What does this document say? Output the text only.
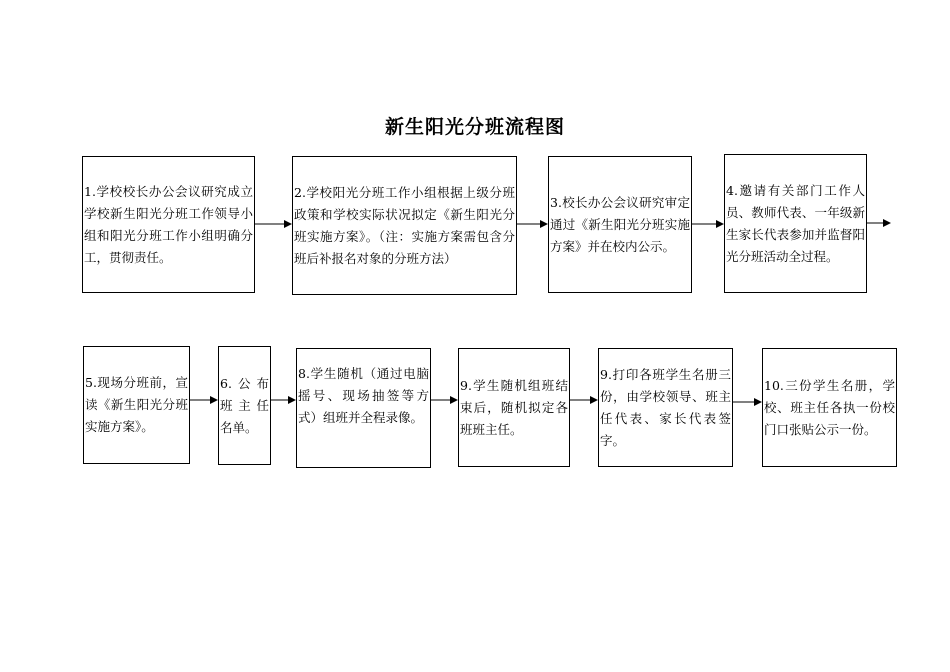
新生阳光分班流程图
1.学校校长办公会议研究成立学校新生阳光分班工作领导小组和阳光分班工作小组明确分工，贯彻责任。
2.学校阳光分班工作小组根据上级分班政策和学校实际状况拟定《新生阳光分班实施方案》。（注：实施方案需包含分班后补报名对象的分班方法）
3.校长办公会议研究审定通过《新生阳光分班实施方案》并在校内公示。
4.邀请有关部门工作人员、教师代表、一年级新生家长代表参加并监督阳光分班活动全过程。
5.现场分班前，宣读《新生阳光分班实施方案》。
6.公布班主任名单。
8.学生随机（通过电脑摇号、现场抽签等方式）组班并全程录像。
9.学生随机组班结束后，随机拟定各班班主任。
9.打印各班学生名册三份，由学校领导、班主任代表、家长代表签字。
10.三份学生名册，学校、班主任各执一份校门口张贴公示一份。
